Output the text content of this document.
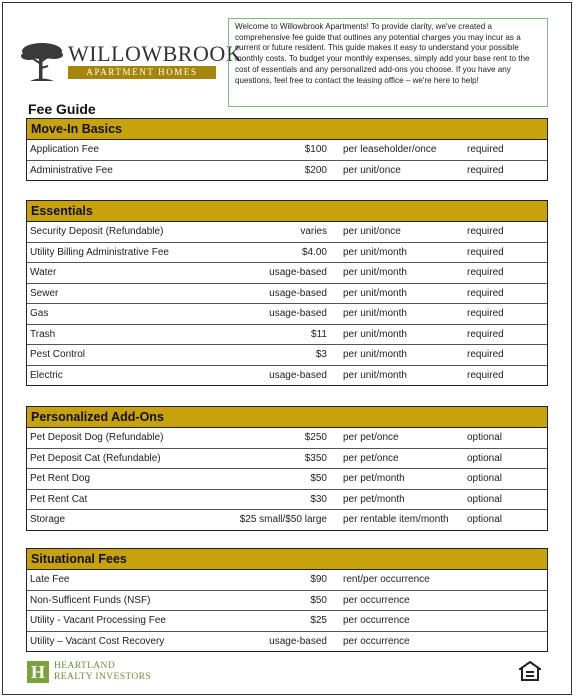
WILLOWBROOK
APARTMENT HOMES
Welcome to Willowbrook Apartments! To provide clarity, we've created a comprehensive fee guide that outlines any potential charges you may incur as a current or future resident. This guide makes it easy to understand your possible monthly costs. To budget your monthly expenses, simply add your base rent to the cost of essentials and any personalized add-ons you choose. If you have any questions, feel free to contact the leasing office – we're here to help!
Fee Guide
Move-In Basics
Application Fee	$100 per leaseholder/once	required
Administrative Fee	$200 per unit/once	required
Essentials
Security Deposit (Refundable)	varies per unit/once	required
Utility Billing Administrative Fee	$4.00 per unit/month	required
Water	usage-based per unit/month	required
Sewer	usage-based per unit/month	required
Gas	usage-based per unit/month	required
Trash	$11 per unit/month	required
Pest Control	$3 per unit/month	required
Electric	usage-based per unit/month	required
Personalized Add-Ons
Pet Deposit Dog (Refundable)	$250 per pet/once	optional
Pet Deposit Cat (Refundable)	$350 per pet/once	optional
Pet Rent Dog	$50 per pet/month	optional
Pet Rent Cat	$30 per pet/month	optional
Storage	$25 small/$50 large per rentable item/month optional
Situational Fees
Late Fee	$90 rent/per occurrence
Non-Sufficent Funds (NSF)	$50 per occurrence
Utility - Vacant Processing Fee	$25 per occurrence
Utility – Vacant Cost Recovery	usage-based per occurrence
H HEARTLAND
REALTY INVESTORS
